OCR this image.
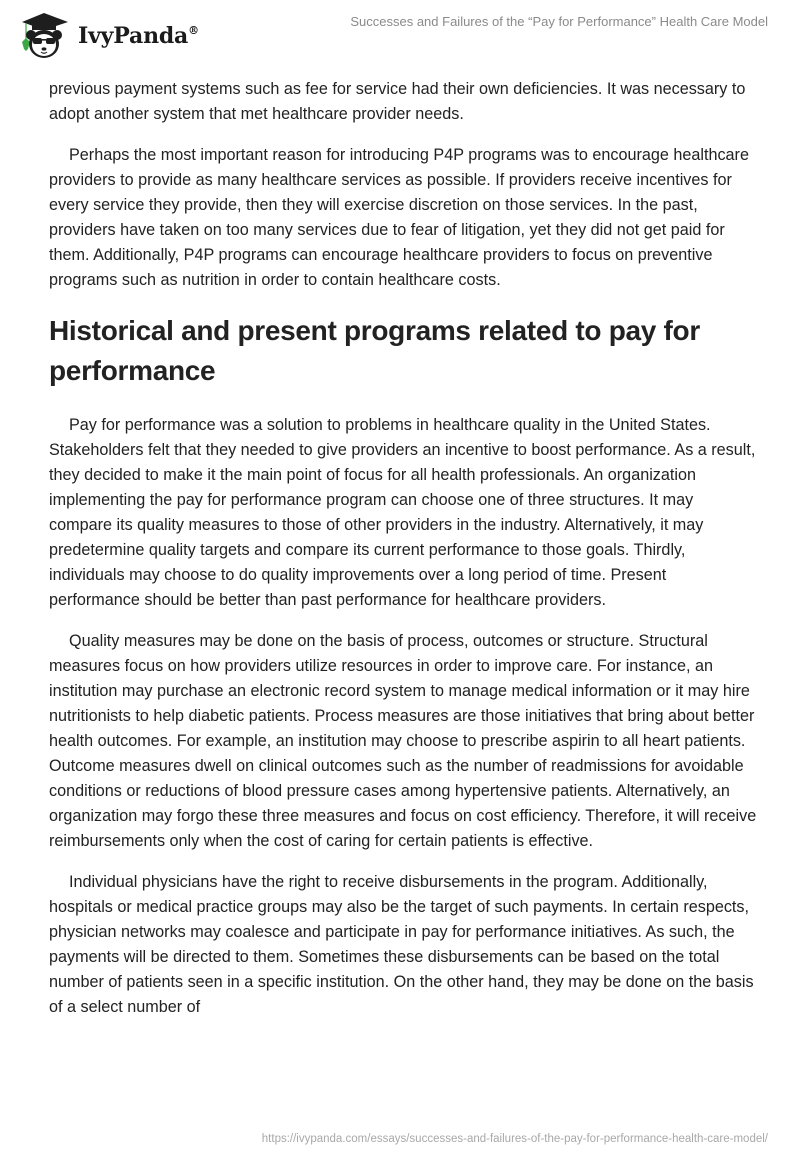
IvyPanda®
Successes and Failures of the “Pay for Performance” Health Care Model

previous payment systems such as fee for service had their own deficiencies. It was necessary to adopt another system that met healthcare provider needs.

Perhaps the most important reason for introducing P4P programs was to encourage healthcare providers to provide as many healthcare services as possible. If providers receive incentives for every service they provide, then they will exercise discretion on those services. In the past, providers have taken on too many services due to fear of litigation, yet they did not get paid for them. Additionally, P4P programs can encourage healthcare providers to focus on preventive programs such as nutrition in order to contain healthcare costs.

Historical and present programs related to pay for performance

Pay for performance was a solution to problems in healthcare quality in the United States. Stakeholders felt that they needed to give providers an incentive to boost performance. As a result, they decided to make it the main point of focus for all health professionals. An organization implementing the pay for performance program can choose one of three structures. It may compare its quality measures to those of other providers in the industry. Alternatively, it may predetermine quality targets and compare its current performance to those goals. Thirdly, individuals may choose to do quality improvements over a long period of time. Present performance should be better than past performance for healthcare providers.

Quality measures may be done on the basis of process, outcomes or structure. Structural measures focus on how providers utilize resources in order to improve care. For instance, an institution may purchase an electronic record system to manage medical information or it may hire nutritionists to help diabetic patients. Process measures are those initiatives that bring about better health outcomes. For example, an institution may choose to prescribe aspirin to all heart patients. Outcome measures dwell on clinical outcomes such as the number of readmissions for avoidable conditions or reductions of blood pressure cases among hypertensive patients. Alternatively, an organization may forgo these three measures and focus on cost efficiency. Therefore, it will receive reimbursements only when the cost of caring for certain patients is effective.

Individual physicians have the right to receive disbursements in the program. Additionally, hospitals or medical practice groups may also be the target of such payments. In certain respects, physician networks may coalesce and participate in pay for performance initiatives. As such, the payments will be directed to them. Sometimes these disbursements can be based on the total number of patients seen in a specific institution. On the other hand, they may be done on the basis of a select number of

https://ivypanda.com/essays/successes-and-failures-of-the-pay-for-performance-health-care-model/
